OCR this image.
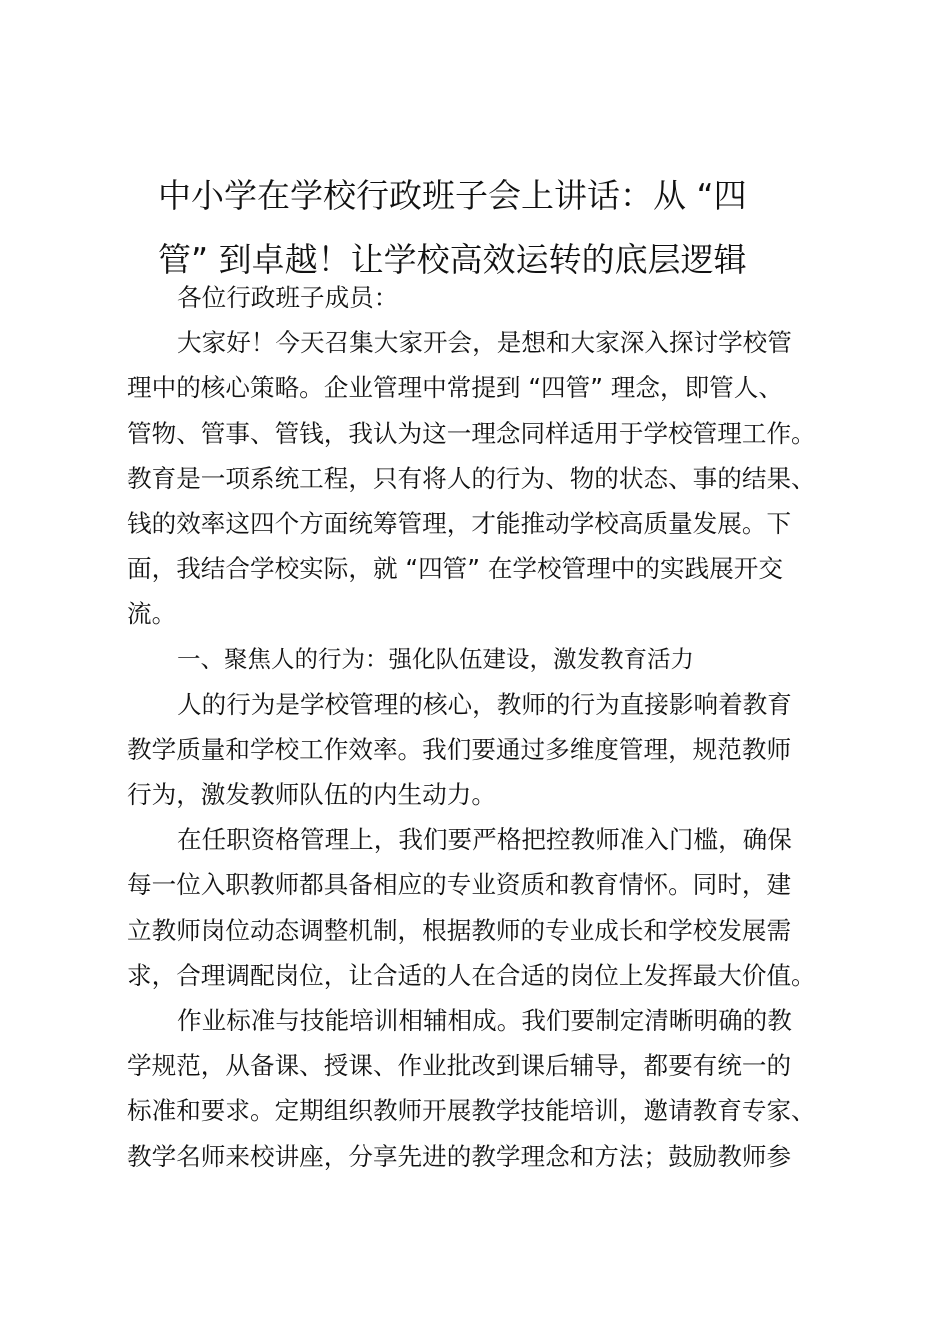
中小学在学校行政班子会上讲话：从 “四
管” 到卓越！让学校高效运转的底层逻辑

各位行政班子成员：

大家好！今天召集大家开会，是想和大家深入探讨学校管
理中的核心策略。企业管理中常提到 “四管” 理念，即管人、
管物、管事、管钱，我认为这一理念同样适用于学校管理工作。
教育是一项系统工程，只有将人的行为、物的状态、事的结果、
钱的效率这四个方面统筹管理，才能推动学校高质量发展。下
面，我结合学校实际，就 “四管” 在学校管理中的实践展开交
流。

一、聚焦人的行为：强化队伍建设，激发教育活力

人的行为是学校管理的核心，教师的行为直接影响着教育
教学质量和学校工作效率。我们要通过多维度管理，规范教师
行为，激发教师队伍的内生动力。

在任职资格管理上，我们要严格把控教师准入门槛，确保
每一位入职教师都具备相应的专业资质和教育情怀。同时，建
立教师岗位动态调整机制，根据教师的专业成长和学校发展需
求，合理调配岗位，让合适的人在合适的岗位上发挥最大价值。

作业标准与技能培训相辅相成。我们要制定清晰明确的教
学规范，从备课、授课、作业批改到课后辅导，都要有统一的
标准和要求。定期组织教师开展教学技能培训，邀请教育专家、
教学名师来校讲座，分享先进的教学理念和方法；鼓励教师参
